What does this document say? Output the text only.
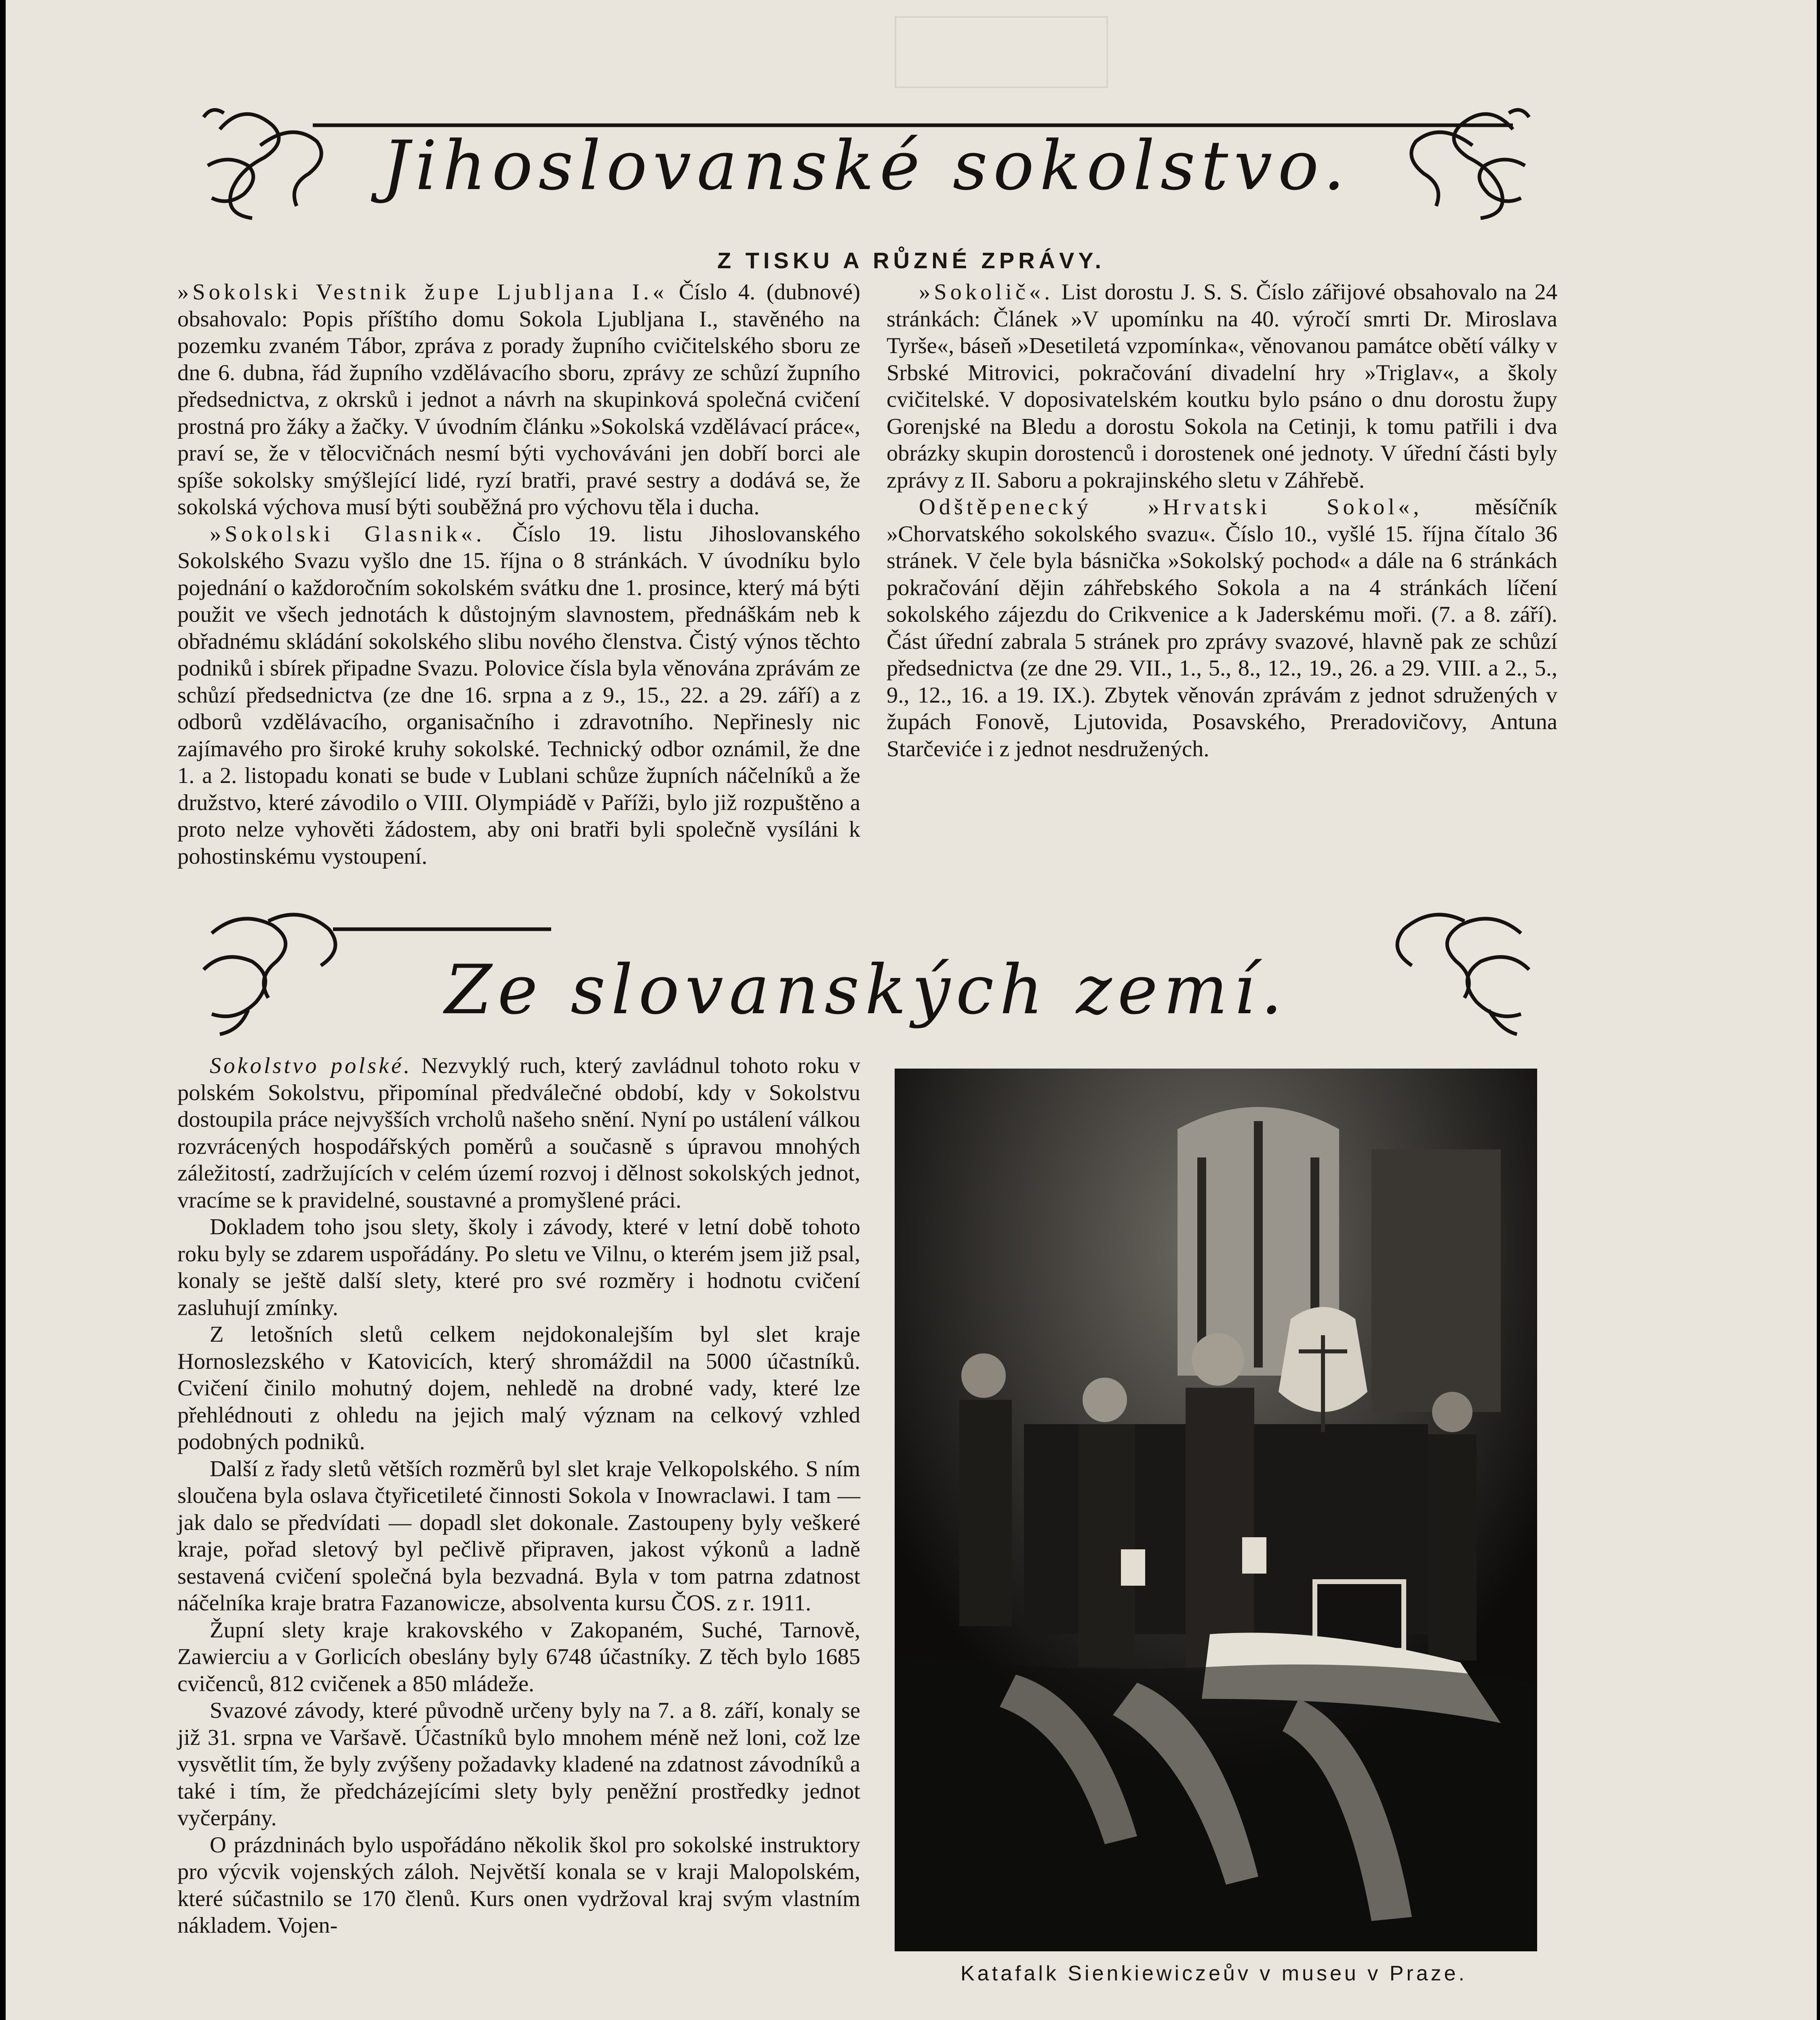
Jihoslovanské sokolstvo.
Z TISKU A RŮZNÉ ZPRÁVY.

»Sokolski Vestnik župe Ljubljana I.« Číslo 4. (dubnové) obsahovalo: Popis příštího domu Sokola Ljubljana I., stavěného na pozemku zvaném Tábor, zpráva z porady župního cvičitelského sboru ze dne 6. dubna, řád župního vzdělávacího sboru, zprávy ze schůzí župního předsednictva, z okrsků i jednot a návrh na skupinková společná cvičení prostná pro žáky a žačky. V úvodním článku »Sokolská vzdělávací práce«, praví se, že v tělocvičnách nesmí býti vychováváni jen dobří borci ale spíše sokolsky smýšlející lidé, ryzí bratři, pravé sestry a dodává se, že sokolská výchova musí býti souběžná pro výchovu těla i ducha.

»Sokolski Glasnik«. Číslo 19. listu Jihoslovanského Sokolského Svazu vyšlo dne 15. října o 8 stránkách. V úvodníku bylo pojednání o každoročním sokolském svátku dne 1. prosince, který má býti použit ve všech jednotách k důstojným slavnostem, přednáškám neb k obřadnému skládání sokolského slibu nového členstva. Čistý výnos těchto podniků i sbírek připadne Svazu. Polovice čísla byla věnována zprávám ze schůzí předsednictva (ze dne 16. srpna a z 9., 15., 22. a 29. září) a z odborů vzdělávacího, organisačního i zdravotního. Nepřinesly nic zajímavého pro široké kruhy sokolské. Technický odbor oznámil, že dne 1. a 2. listopadu konati se bude v Lublani schůze župních náčelníků a že družstvo, které závodilo o VIII. Olympiádě v Paříži, bylo již rozpuštěno a proto nelze vyhověti žádostem, aby oni bratři byli společně vysíláni k pohostinskému vystoupení.

»Sokolič«. List dorostu J. S. S. Číslo zářijové obsahovalo na 24 stránkách: Článek »V upomínku na 40. výročí smrti Dr. Miroslava Tyrše«, báseň »Desetiletá vzpomínka«, věnovanou památce obětí války v Srbské Mitrovici, pokračování divadelní hry »Triglav«, a školy cvičitelské. V doposivatelském koutku bylo psáno o dnu dorostu župy Gorenjské na Bledu a dorostu Sokola na Cetinji, k tomu patřili i dva obrázky skupin dorostenců i dorostenek oné jednoty. V úřední části byly zprávy z II. Saboru a pokrajinského sletu v Záhřebě.

Odštěpenecký »Hrvatski Sokol«, měsíčník »Chorvatského sokolského svazu«. Číslo 10., vyšlé 15. října čítalo 36 stránek. V čele byla básnička »Sokolský pochod« a dále na 6 stránkách pokračování dějin záhřebského Sokola a na 4 stránkách líčení sokolského zájezdu do Crikvenice a k Jaderskému moři. (7. a 8. září). Část úřední zabrala 5 stránek pro zprávy svazové, hlavně pak ze schůzí předsednictva (ze dne 29. VII., 1., 5., 8., 12., 19., 26. a 29. VIII. a 2., 5., 9., 12., 16. a 19. IX.). Zbytek věnován zprávám z jednot sdružených v župách Fonově, Ljutovida, Posavského, Preradovičovy, Antuna Starčeviće i z jednot nesdružených.

Ze slovanských zemí.

Sokolstvo polské. Nezvyklý ruch, který zavládnul tohoto roku v polském Sokolstvu, připomínal předválečné období, kdy v Sokolstvu dostoupila práce nejvyšších vrcholů našeho snění. Nyní po ustálení válkou rozvrácených hospodářských poměrů a současně s úpravou mnohých záležitostí, zadržujících v celém území rozvoj i dělnost sokolských jednot, vracíme se k pravidelné, soustavné a promyšlené práci.

Dokladem toho jsou slety, školy i závody, které v letní době tohoto roku byly se zdarem uspořádány. Po sletu ve Vilnu, o kterém jsem již psal, konaly se ještě další slety, které pro své rozměry i hodnotu cvičení zasluhují zmínky.

Z letošních sletů celkem nejdokonalejším byl slet kraje Hornoslezského v Katovicích, který shromáždil na 5000 účastníků. Cvičení činilo mohutný dojem, nehledě na drobné vady, které lze přehlédnouti z ohledu na jejich malý význam na celkový vzhled podobných podniků.

Další z řady sletů větších rozměrů byl slet kraje Velkopolského. S ním sloučena byla oslava čtyřicetileté činnosti Sokola v Inowraclawi. I tam — jak dalo se předvídati — dopadl slet dokonale. Zastoupeny byly veškeré kraje, pořad sletový byl pečlivě připraven, jakost výkonů a ladně sestavená cvičení společná byla bezvadná. Byla v tom patrna zdatnost náčelníka kraje bratra Fazanowicze, absolventa kursu ČOS. z r. 1911.

Župní slety kraje krakovského v Zakopaném, Suché, Tarnově, Zawierciu a v Gorlicích obeslány byly 6748 účastníky. Z těch bylo 1685 cvičenců, 812 cvičenek a 850 mládeže.

Svazové závody, které původně určeny byly na 7. a 8. září, konaly se již 31. srpna ve Varšavě. Účastníků bylo mnohem méně než loni, což lze vysvětlit tím, že byly zvýšeny požadavky kladené na zdatnost závodníků a také i tím, že předcházejícími slety byly peněžní prostředky jednot vyčerpány.

O prázdninách bylo uspořádáno několik škol pro sokolské instruktory pro výcvik vojenských záloh. Největší konala se v kraji Malopolském, které súčastnilo se 170 členů. Kurs onen vydržoval kraj svým vlastním nákladem. Vojen-

Katafalk Sienkiewiczeův v museu v Praze.
